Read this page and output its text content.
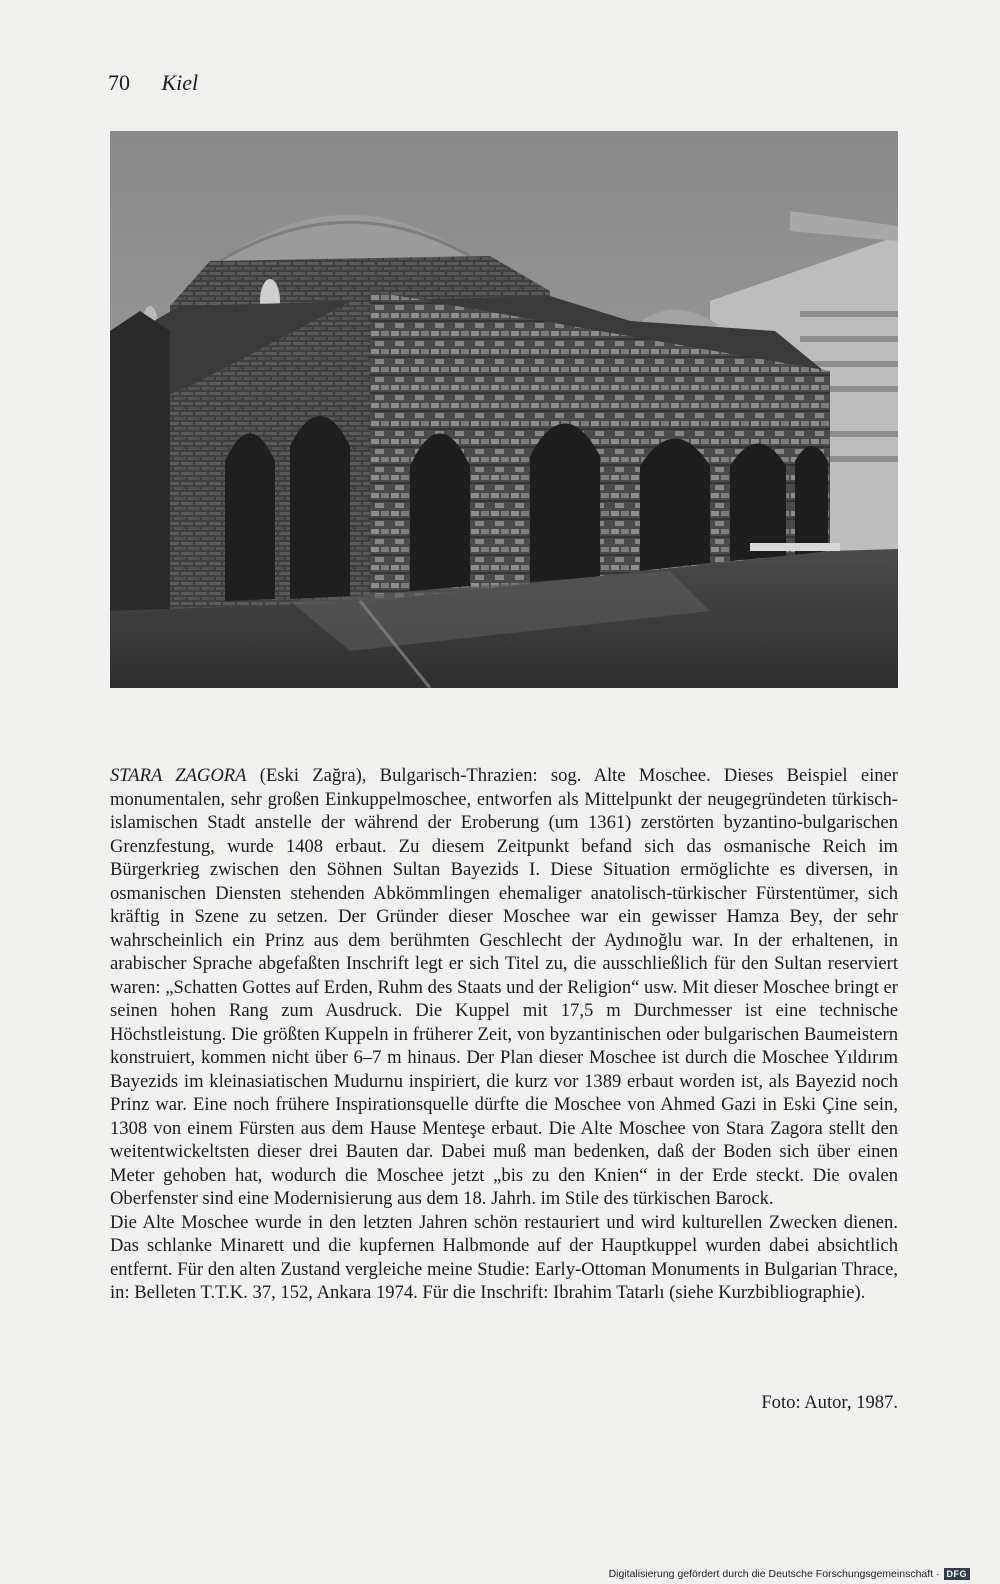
70 Kiel

STARA ZAGORA (Eski Zağra), Bulgarisch-Thrazien: sog. Alte Moschee. Dieses Beispiel einer monumentalen, sehr großen Einkuppelmoschee, entworfen als Mittelpunkt der neugegründeten türkisch-islamischen Stadt anstelle der während der Eroberung (um 1361) zerstörten byzantino-bulgarischen Grenzfestung, wurde 1408 erbaut. Zu diesem Zeitpunkt befand sich das osmanische Reich im Bürgerkrieg zwischen den Söhnen Sultan Bayezids I. Diese Situation ermöglichte es diversen, in osmanischen Diensten stehenden Abkömmlingen ehemaliger anatolisch-türkischer Fürstentümer, sich kräftig in Szene zu setzen. Der Gründer dieser Moschee war ein gewisser Hamza Bey, der sehr wahrscheinlich ein Prinz aus dem berühmten Geschlecht der Aydınoğlu war. In der erhaltenen, in arabischer Sprache abgefaßten Inschrift legt er sich Titel zu, die ausschließlich für den Sultan reserviert waren: „Schatten Gottes auf Erden, Ruhm des Staats und der Religion“ usw. Mit dieser Moschee bringt er seinen hohen Rang zum Ausdruck. Die Kuppel mit 17,5 m Durchmesser ist eine technische Höchstleistung. Die größten Kuppeln in früherer Zeit, von byzantinischen oder bulgarischen Baumeistern konstruiert, kommen nicht über 6–7 m hinaus. Der Plan dieser Moschee ist durch die Moschee Yıldırım Bayezids im kleinasiatischen Mudurnu inspiriert, die kurz vor 1389 erbaut worden ist, als Bayezid noch Prinz war. Eine noch frühere Inspirationsquelle dürfte die Moschee von Ahmed Gazi in Eski Çine sein, 1308 von einem Fürsten aus dem Hause Menteşe erbaut. Die Alte Moschee von Stara Zagora stellt den weitentwickeltsten dieser drei Bauten dar. Dabei muß man bedenken, daß der Boden sich über einen Meter gehoben hat, wodurch die Moschee jetzt „bis zu den Knien“ in der Erde steckt. Die ovalen Oberfenster sind eine Modernisierung aus dem 18. Jahrh. im Stile des türkischen Barock.

Die Alte Moschee wurde in den letzten Jahren schön restauriert und wird kulturellen Zwecken dienen. Das schlanke Minarett und die kupfernen Halbmonde auf der Hauptkuppel wurden dabei absichtlich entfernt. Für den alten Zustand vergleiche meine Studie: Early-Ottoman Monuments in Bulgarian Thrace, in: Belleten T.T.K. 37, 152, Ankara 1974. Für die Inschrift: Ibrahim Tatarlı (siehe Kurzbibliographie).

Foto: Autor, 1987.
Digitalisierung gefördert durch die Deutsche Forschungsgemeinschaft · DFG
